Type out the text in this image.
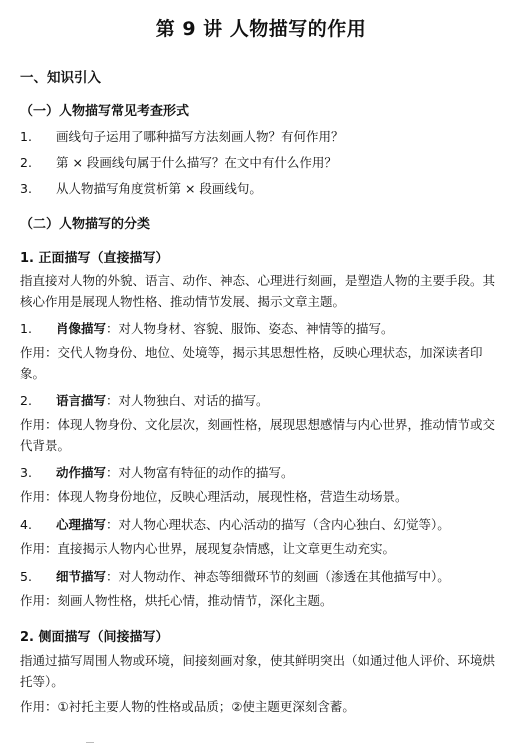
第 9 讲 人物描写的作用
一、知识引入
（一）人物描写常见考查形式
1. 画线句子运用了哪种描写方法刻画人物？有何作用？
2. 第 × 段画线句属于什么描写？在文中有什么作用？
3. 从人物描写角度赏析第 × 段画线句。
（二）人物描写的分类
1. 正面描写（直接描写）
指直接对人物的外貌、语言、动作、神态、心理进行刻画，是塑造人物的主要手段。其核心作用是展现人物性格、推动情节发展、揭示文章主题。
1. 肖像描写：对人物身材、容貌、服饰、姿态、神情等的描写。
作用：交代人物身份、地位、处境等，揭示其思想性格，反映心理状态，加深读者印象。
2. 语言描写：对人物独白、对话的描写。
作用：体现人物身份、文化层次，刻画性格，展现思想感情与内心世界，推动情节或交代背景。
3. 动作描写：对人物富有特征的动作的描写。
作用：体现人物身份地位，反映心理活动，展现性格，营造生动场景。
4. 心理描写：对人物心理状态、内心活动的描写（含内心独白、幻觉等）。
作用：直接揭示人物内心世界，展现复杂情感，让文章更生动充实。
5. 细节描写：对人物动作、神态等细微环节的刻画（渗透在其他描写中）。
作用：刻画人物性格，烘托心情，推动情节，深化主题。
2. 侧面描写（间接描写）
指通过描写周围人物或环境，间接刻画对象，使其鲜明突出（如通过他人评价、环境烘托等）。
作用：①衬托主要人物的性格或品质；②使主题更深刻含蓄。
